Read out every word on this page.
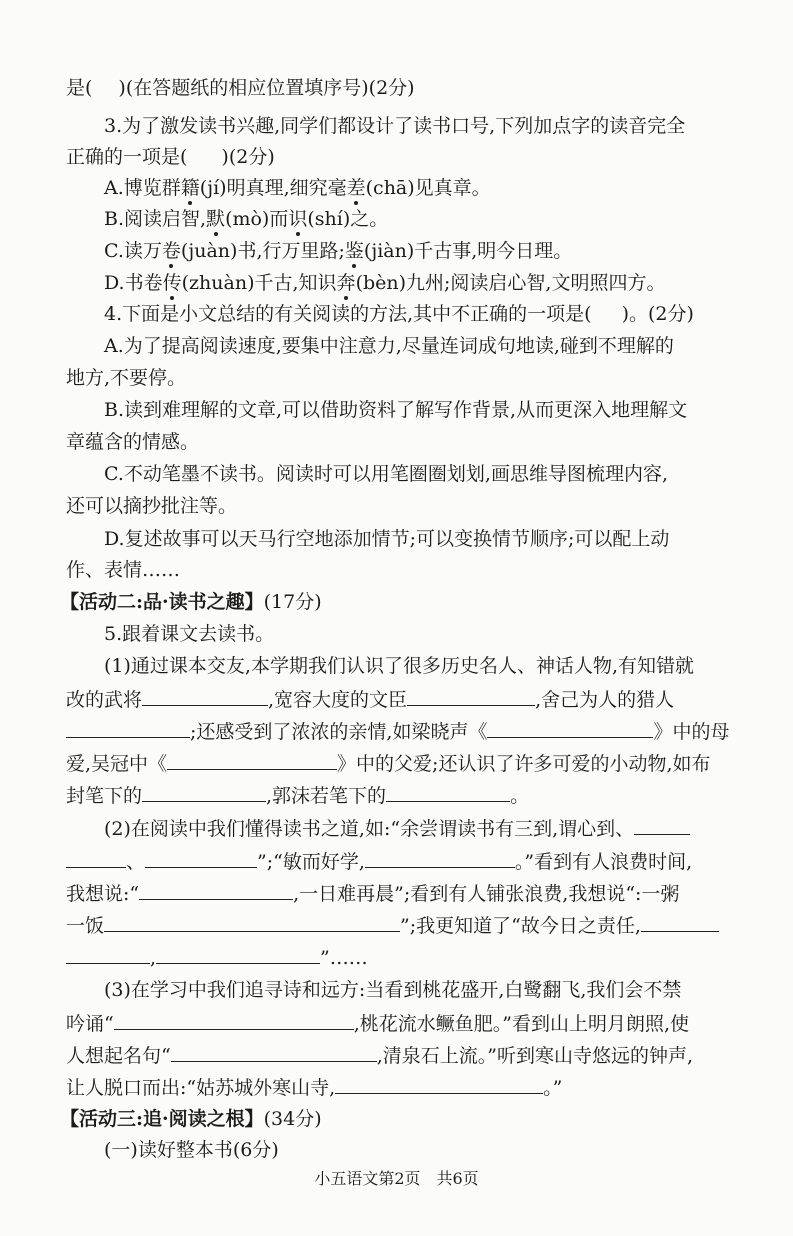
是( )(在答题纸的相应位置填序号)(2分)
3.为了激发读书兴趣,同学们都设计了读书口号,下列加点字的读音完全
正确的一项是( )(2分)
A.博览群籍(jí)明真理,细究毫差(chā)见真章。
B.阅读启智,默(mò)而识(shí)之。
C.读万卷(juàn)书,行万里路;鉴(jiàn)千古事,明今日理。
D.书卷传(zhuàn)千古,知识奔(bèn)九州;阅读启心智,文明照四方。
4.下面是小文总结的有关阅读的方法,其中不正确的一项是( )。(2分)
A.为了提高阅读速度,要集中注意力,尽量连词成句地读,碰到不理解的
地方,不要停。
B.读到难理解的文章,可以借助资料了解写作背景,从而更深入地理解文
章蕴含的情感。
C.不动笔墨不读书。阅读时可以用笔圈圈划划,画思维导图梳理内容,
还可以摘抄批注等。
D.复述故事可以天马行空地添加情节;可以变换情节顺序;可以配上动
作、表情……
【活动二:品·读书之趣】(17分)
5.跟着课文去读书。
(1)通过课本交友,本学期我们认识了很多历史名人、神话人物,有知错就
改的武将	,宽容大度的文臣	,舍己为人的猎人
;还感受到了浓浓的亲情,如梁晓声《	》中的母
爱,吴冠中《	》中的父爱;还认识了许多可爱的小动物,如布
封笔下的	,郭沫若笔下的	。
(2)在阅读中我们懂得读书之道,如:“余尝谓读书有三到,谓心到、
、	”;“敏而好学,	。”看到有人浪费时间,
我想说:“	,一日难再晨”;看到有人铺张浪费,我想说“:一粥
一饭	”;我更知道了“故今日之责任,
,	”……
(3)在学习中我们追寻诗和远方:当看到桃花盛开,白鹭翻飞,我们会不禁
吟诵“	,桃花流水鳜鱼肥。”看到山上明月朗照,使
人想起名句“	,清泉石上流。”听到寒山寺悠远的钟声,
让人脱口而出:“姑苏城外寒山寺,	。”
【活动三:追·阅读之根】(34分)
(一)读好整本书(6分)
小五语文第2页 共6页
